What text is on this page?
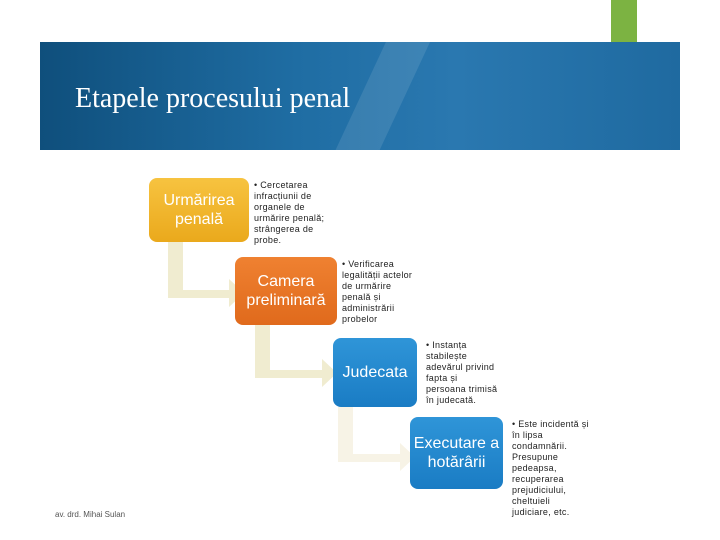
Etapele procesului penal
Urmărirea penală
• Cercetarea infracțiunii de organele de urmărire penală; strângerea de probe.
Camera preliminară
• Verificarea legalității actelor de urmărire penală și administrării probelor
Judecata
• Instanța stabilește adevărul privind fapta și persoana trimisă în judecată.
Executare a hotărârii
• Este incidentă și în lipsa condamnării. Presupune pedeapsa, recuperarea prejudiciului, cheltuieli judiciare, etc.
av. drd. Mihai Sulan
